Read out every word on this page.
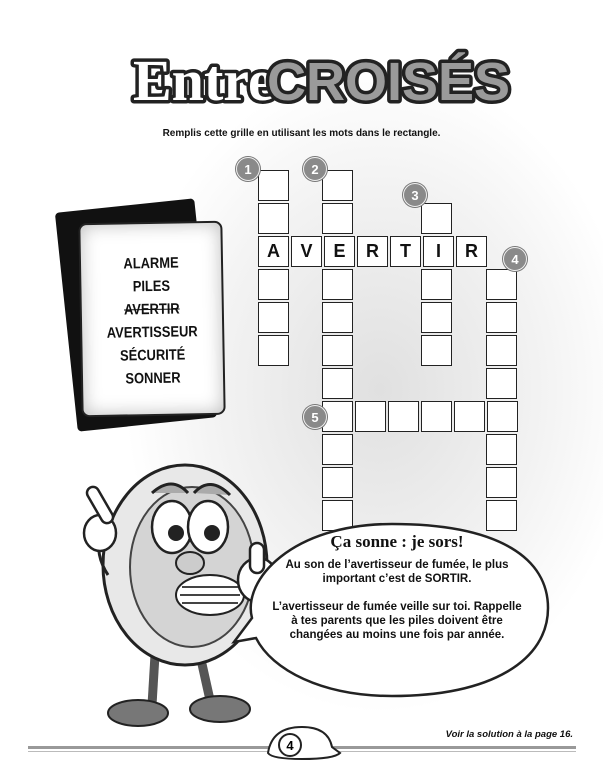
Entre
CROISÉS
Remplis cette grille en utilisant les mots dans le rectangle.
ALARME
PILES
AVERTIR
AVERTISSEUR
SÉCURITÉ
SONNER
A	V	E	R	T	I	R
1	2
3
4
5
Ça sonne : je sors!
Au son de l’avertisseur de fumée, le plus important c’est de SORTIR.
L’avertisseur de fumée veille sur toi. Rappelle à tes parents que les piles doivent être changées au moins une fois par année.
4
Voir la solution à la page 16.
